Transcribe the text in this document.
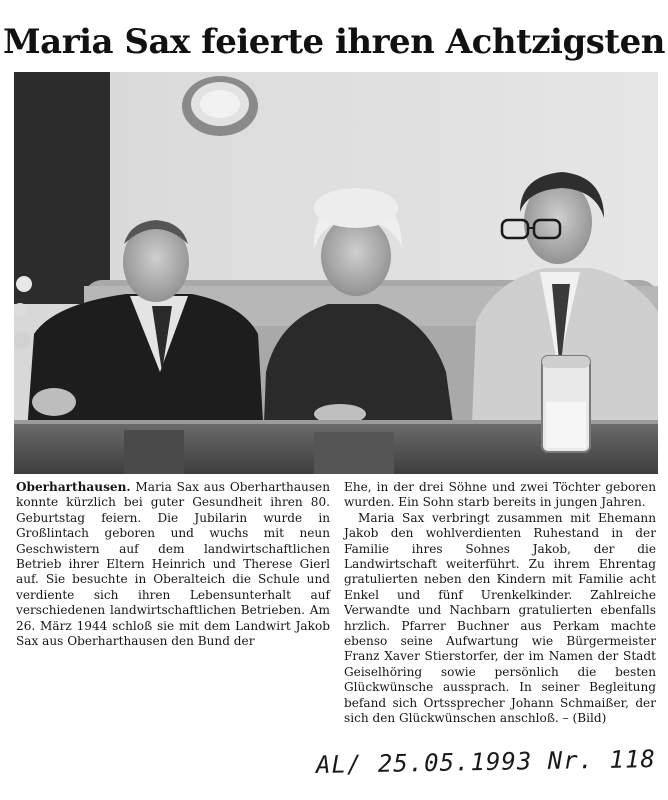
Maria Sax feierte ihren Achtzigsten

Oberharthausen. Maria Sax aus Oberharthausen konnte kürzlich bei guter Gesundheit ihren 80. Geburtstag feiern. Die Jubilarin wurde in Großlintach geboren und wuchs mit neun Geschwistern auf dem landwirtschaftlichen Betrieb ihrer Eltern Heinrich und Therese Gierl auf. Sie besuchte in Oberalteich die Schule und verdiente sich ihren Lebensunterhalt auf verschiedenen landwirtschaftlichen Betrieben. Am 26. März 1944 schloß sie mit dem Landwirt Jakob Sax aus Oberharthausen den Bund der

Ehe, in der drei Söhne und zwei Töchter geboren wurden. Ein Sohn starb bereits in jungen Jahren.

Maria Sax verbringt zusammen mit Ehemann Jakob den wohlverdienten Ruhestand in der Familie ihres Sohnes Jakob, der die Landwirtschaft weiterführt. Zu ihrem Ehrentag gratulierten neben den Kindern mit Familie acht Enkel und fünf Urenkelkinder. Zahlreiche Verwandte und Nachbarn gratulierten ebenfalls hrzlich. Pfarrer Buchner aus Perkam machte ebenso seine Aufwartung wie Bürgermeister Franz Xaver Stierstorfer, der im Namen der Stadt Geiselhöring sowie persönlich die besten Glückwünsche aussprach. In seiner Begleitung befand sich Ortssprecher Johann Schmaißer, der sich den Glückwünschen anschloß. – (Bild)

AL/ 25.05.1993 Nr. 118
